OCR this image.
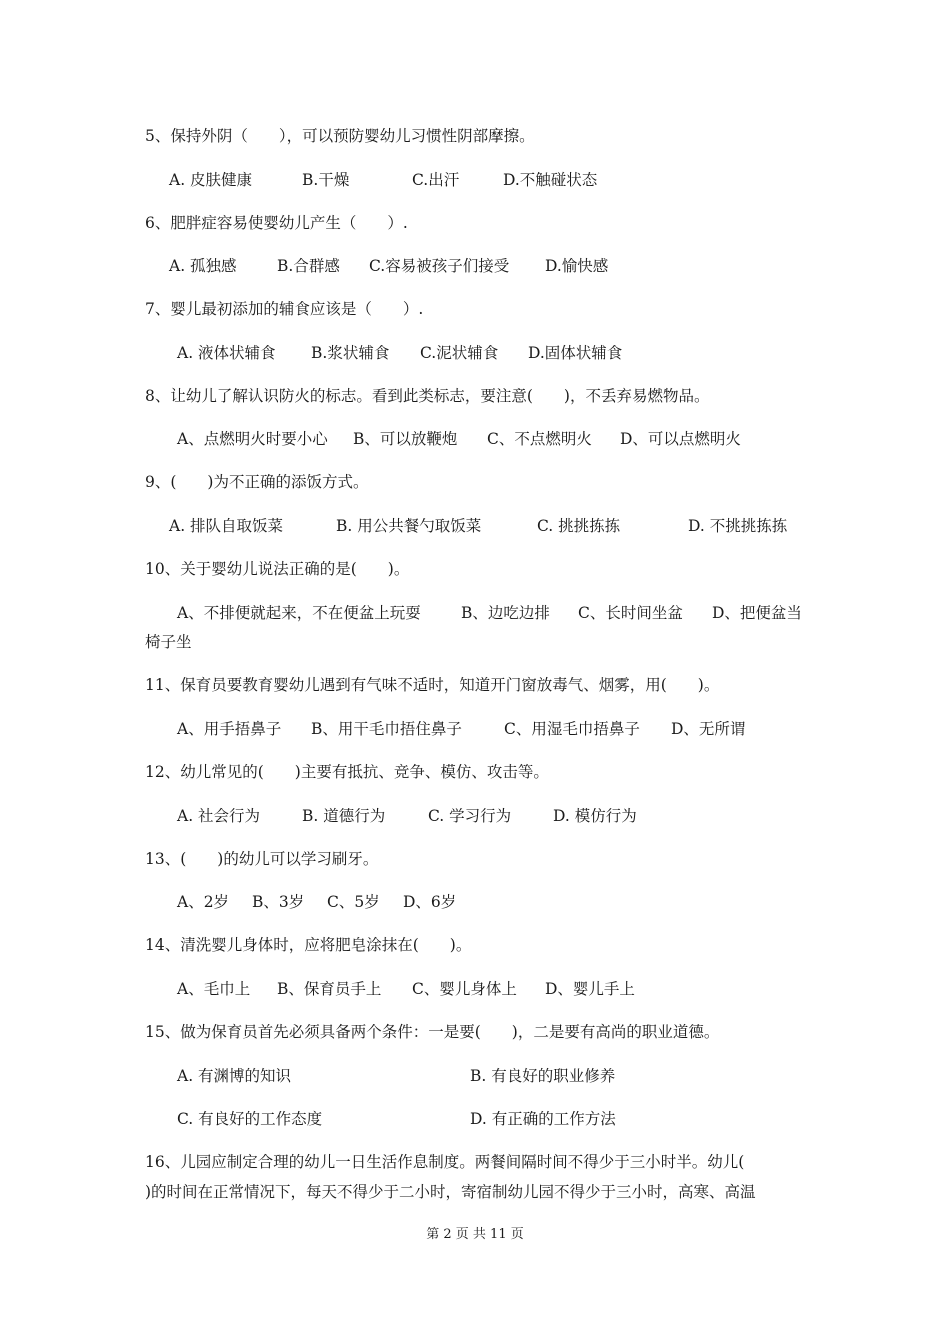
5、保持外阴（　　），可以预防婴幼儿习惯性阴部摩擦。
A. 皮肤健康	B.干燥	C.出汗	D.不触碰状态
6、肥胖症容易使婴幼儿产生（　　）.
A. 孤独感	B.合群感 C.容易被孩子们接受 D.愉快感
7、婴儿最初添加的辅食应该是（　　）.
A. 液体状辅食 B.浆状辅食 C.泥状辅食 D.固体状辅食
8、让幼儿了解认识防火的标志。看到此类标志，要注意(　　)，不丢弃易燃物品。
A、点燃明火时要小心 B、可以放鞭炮 C、不点燃明火 D、可以点燃明火
9、(　　)为不正确的添饭方式。
A. 排队自取饭菜	B. 用公共餐勺取饭菜	C. 挑挑拣拣	D. 不挑挑拣拣
10、关于婴幼儿说法正确的是(　　)。
A、不排便就起来，不在便盆上玩耍	B、边吃边排 C、长时间坐盆 D、把便盆当
椅子坐
11、保育员要教育婴幼儿遇到有气味不适时，知道开门窗放毒气、烟雾，用(　　)。
A、用手捂鼻子 B、用干毛巾捂住鼻子	C、用湿毛巾捂鼻子 D、无所谓
12、幼儿常见的(　　)主要有抵抗、竞争、模仿、攻击等。
A. 社会行为	B. 道德行为	C. 学习行为	D. 模仿行为
13、(　　)的幼儿可以学习刷牙。
A、2岁 B、3岁 C、5岁 D、6岁
14、清洗婴儿身体时，应将肥皂涂抹在(　　)。
A、毛巾上 B、保育员手上 C、婴儿身体上 D、婴儿手上
15、做为保育员首先必须具备两个条件：一是要(　　)，二是要有高尚的职业道德。
A. 有渊博的知识	B. 有良好的职业修养
C. 有良好的工作态度	D. 有正确的工作方法
16、儿园应制定合理的幼儿一日生活作息制度。两餐间隔时间不得少于三小时半。幼儿(
)的时间在正常情况下，每天不得少于二小时，寄宿制幼儿园不得少于三小时，高寒、高温
第 2 页 共 11 页
